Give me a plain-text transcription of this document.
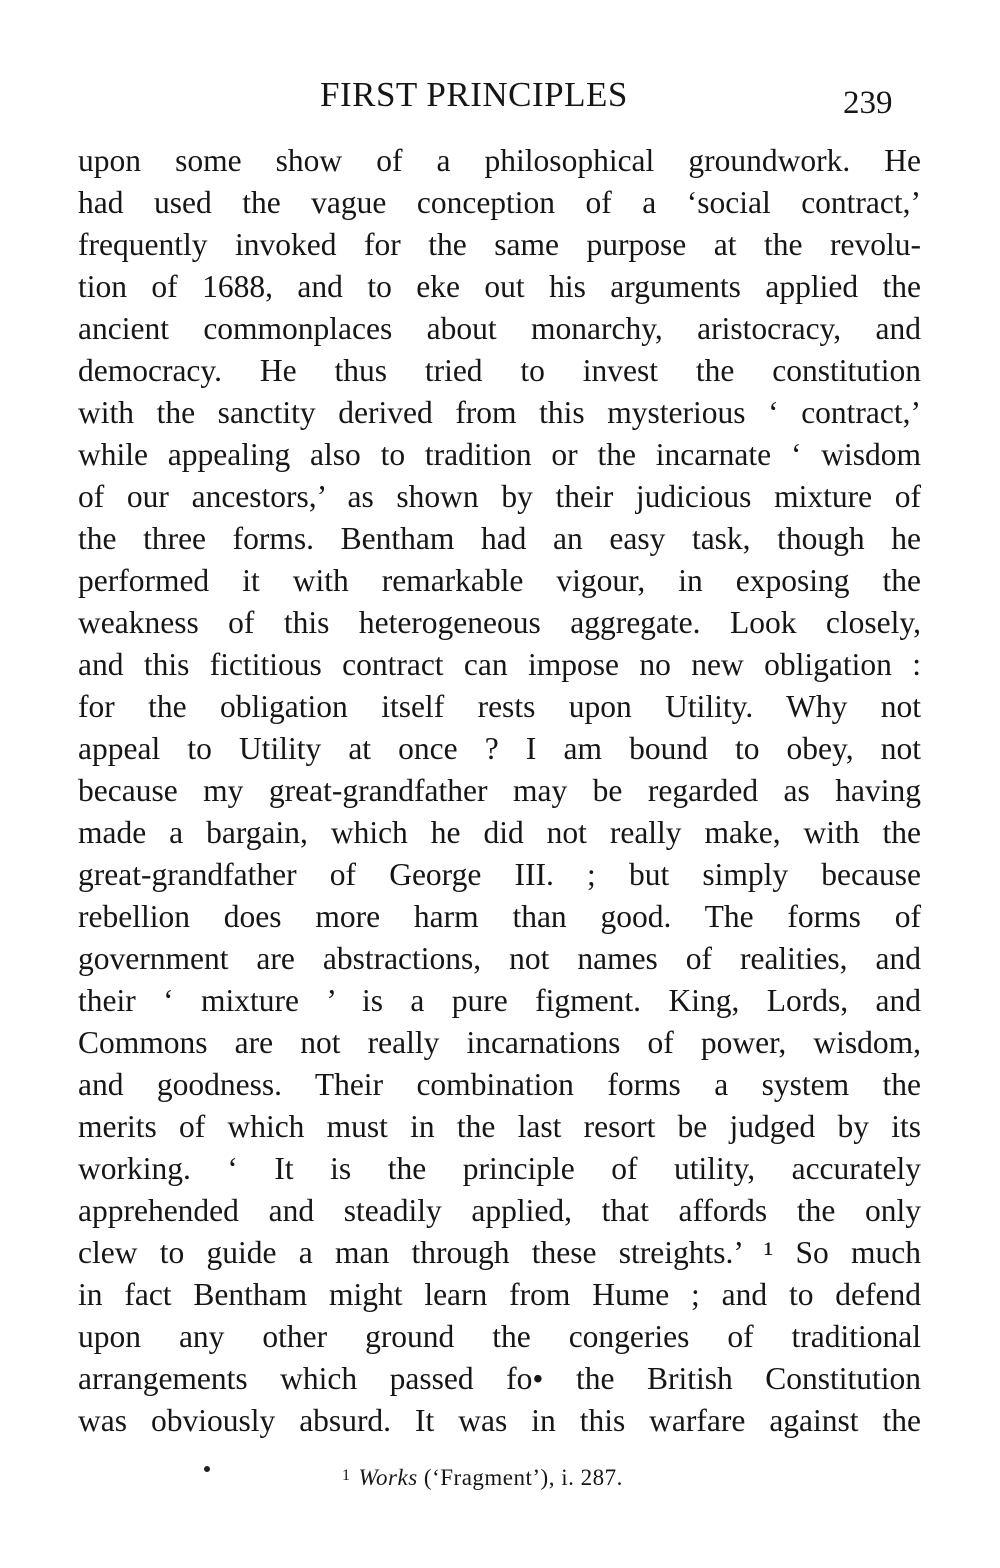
FIRST PRINCIPLES	239
upon some show of a philosophical groundwork. He
had used the vague conception of a ‘social contract,’
frequently invoked for the same purpose at the revolu-
tion of 1688, and to eke out his arguments applied the
ancient commonplaces about monarchy, aristocracy, and
democracy. He thus tried to invest the constitution
with the sanctity derived from this mysterious ‘ contract,’
while appealing also to tradition or the incarnate ‘ wisdom
of our ancestors,’ as shown by their judicious mixture of
the three forms. Bentham had an easy task, though he
performed it with remarkable vigour, in exposing the
weakness of this heterogeneous aggregate. Look closely,
and this fictitious contract can impose no new obligation :
for the obligation itself rests upon Utility. Why not
appeal to Utility at once ? I am bound to obey, not
because my great-grandfather may be regarded as having
made a bargain, which he did not really make, with the
great-grandfather of George III. ; but simply because
rebellion does more harm than good. The forms of
government are abstractions, not names of realities, and
their ‘ mixture ’ is a pure figment. King, Lords, and
Commons are not really incarnations of power, wisdom,
and goodness. Their combination forms a system the
merits of which must in the last resort be judged by its
working. ‘ It is the principle of utility, accurately
apprehended and steadily applied, that affords the only
clew to guide a man through these streights.’ ¹ So much
in fact Bentham might learn from Hume ; and to defend
upon any other ground the congeries of traditional
arrangements which passed fo• the British Constitution
was obviously absurd. It was in this warfare against the
$^1$ Works (‘Fragment’), i. 287.
